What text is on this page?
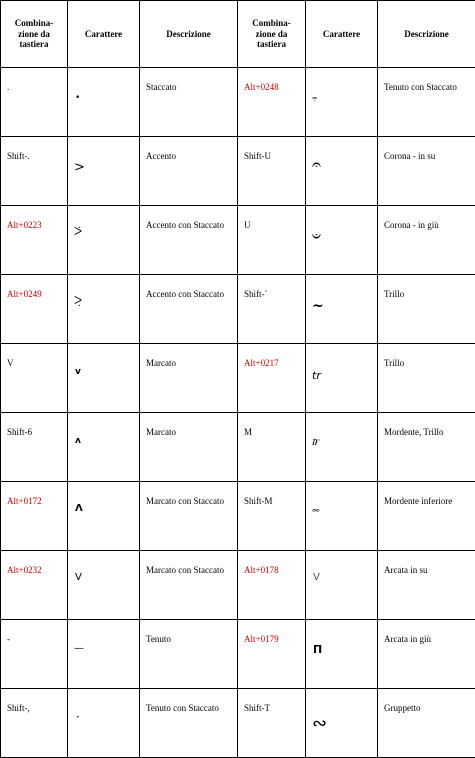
Combina-
zione da
tastiera	Carattere	Descrizione	Combina-
zione da
tastiera	Carattere	Descrizione
.	•	Staccato	Alt+0248	⩦	Tenuto con Staccato
Shift-.	>	Accento	Shift-U	𝄐	Corona - in su
Alt+0223	ᐳ̇	Accento con Staccato	U	𝄑	Corona - in giù
Alt+0249	ᐳ̣	Accento con Staccato	Shift-`	~	Trillo
V	v	Marcato	Alt+0217	tr	Trillo
Shift-6	ʌ	Marcato	M	𝆖	Mordente, Trillo
Alt+0172	Λ	Marcato con Staccato	Shift-M	𝆗	Mordente inferiore
Alt+0232	V	Marcato con Staccato	Alt+0178	V	Arcata in su
-	—	Tenuto	Alt+0179	Π	Arcata in giù
Shift-,	·	Tenuto con Staccato	Shift-T	∾	Gruppetto
